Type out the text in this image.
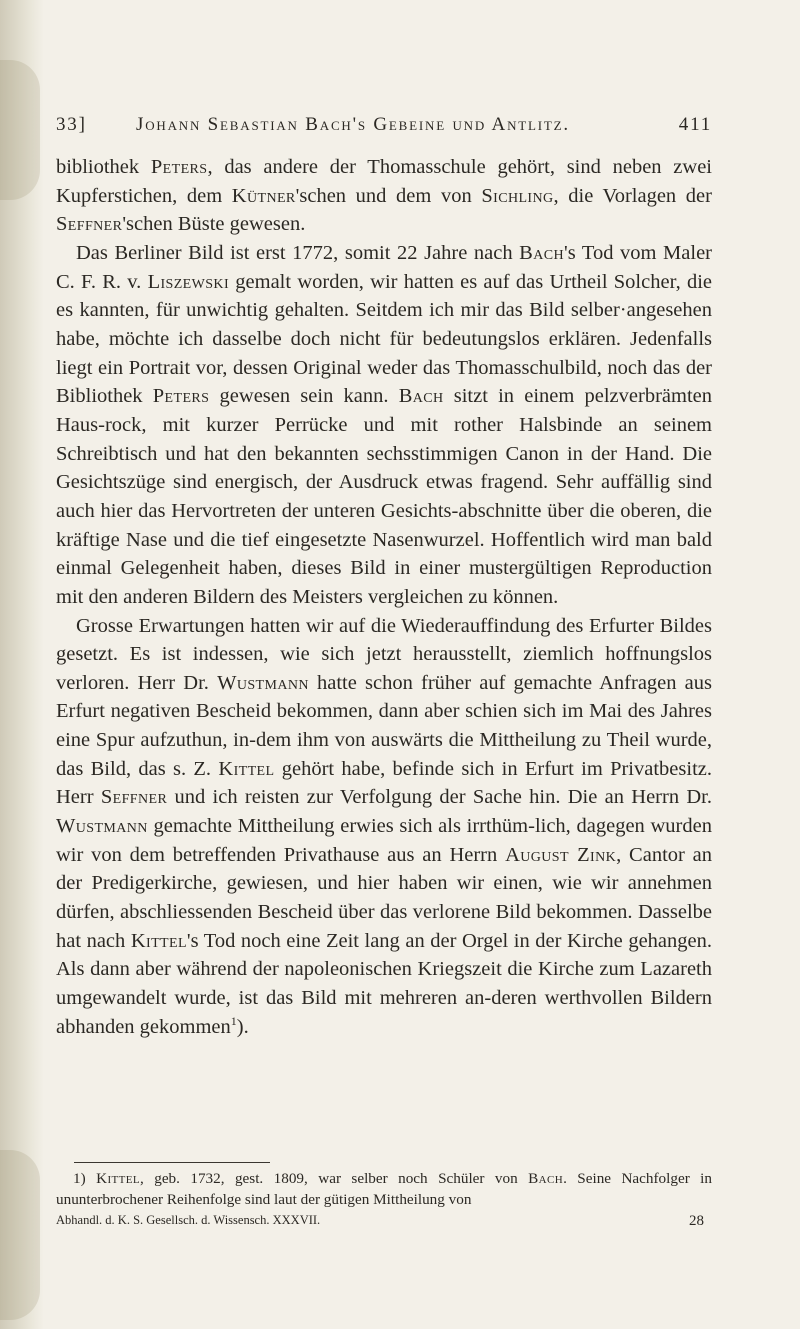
33]	Johann Sebastian Bach's Gebeine und Antlitz.	411

bibliothek Peters, das andere der Thomasschule gehört, sind neben zwei Kupferstichen, dem Kütner'schen und dem von Sichling, die Vorlagen der Seffner'schen Büste gewesen.

Das Berliner Bild ist erst 1772, somit 22 Jahre nach Bach's Tod vom Maler C. F. R. v. Liszewski gemalt worden, wir hatten es auf das Urtheil Solcher, die es kannten, für unwichtig gehalten. Seitdem ich mir das Bild selber·angesehen habe, möchte ich dasselbe doch nicht für bedeutungslos erklären. Jedenfalls liegt ein Portrait vor, dessen Original weder das Thomasschulbild, noch das der Bibliothek Peters gewesen sein kann. Bach sitzt in einem pelzverbrämten Haus-rock, mit kurzer Perrücke und mit rother Halsbinde an seinem Schreibtisch und hat den bekannten sechsstimmigen Canon in der Hand. Die Gesichtszüge sind energisch, der Ausdruck etwas fragend. Sehr auffällig sind auch hier das Hervortreten der unteren Gesichts-abschnitte über die oberen, die kräftige Nase und die tief eingesetzte Nasenwurzel. Hoffentlich wird man bald einmal Gelegenheit haben, dieses Bild in einer mustergültigen Reproduction mit den anderen Bildern des Meisters vergleichen zu können.

Grosse Erwartungen hatten wir auf die Wiederauffindung des Erfurter Bildes gesetzt. Es ist indessen, wie sich jetzt herausstellt, ziemlich hoffnungslos verloren. Herr Dr. Wustmann hatte schon früher auf gemachte Anfragen aus Erfurt negativen Bescheid bekommen, dann aber schien sich im Mai des Jahres eine Spur aufzuthun, in-dem ihm von auswärts die Mittheilung zu Theil wurde, das Bild, das s. Z. Kittel gehört habe, befinde sich in Erfurt im Privatbesitz. Herr Seffner und ich reisten zur Verfolgung der Sache hin. Die an Herrn Dr. Wustmann gemachte Mittheilung erwies sich als irrthüm-lich, dagegen wurden wir von dem betreffenden Privathause aus an Herrn August Zink, Cantor an der Predigerkirche, gewiesen, und hier haben wir einen, wie wir annehmen dürfen, abschliessenden Bescheid über das verlorene Bild bekommen. Dasselbe hat nach Kittel's Tod noch eine Zeit lang an der Orgel in der Kirche gehangen. Als dann aber während der napoleonischen Kriegszeit die Kirche zum Lazareth umgewandelt wurde, ist das Bild mit mehreren an-deren werthvollen Bildern abhanden gekommen$^1$).

1) Kittel, geb. 1732, gest. 1809, war selber noch Schüler von Bach. Seine Nachfolger in ununterbrochener Reihenfolge sind laut der gütigen Mittheilung von

Abhandl. d. K. S. Gesellsch. d. Wissensch. XXXVII.	28
